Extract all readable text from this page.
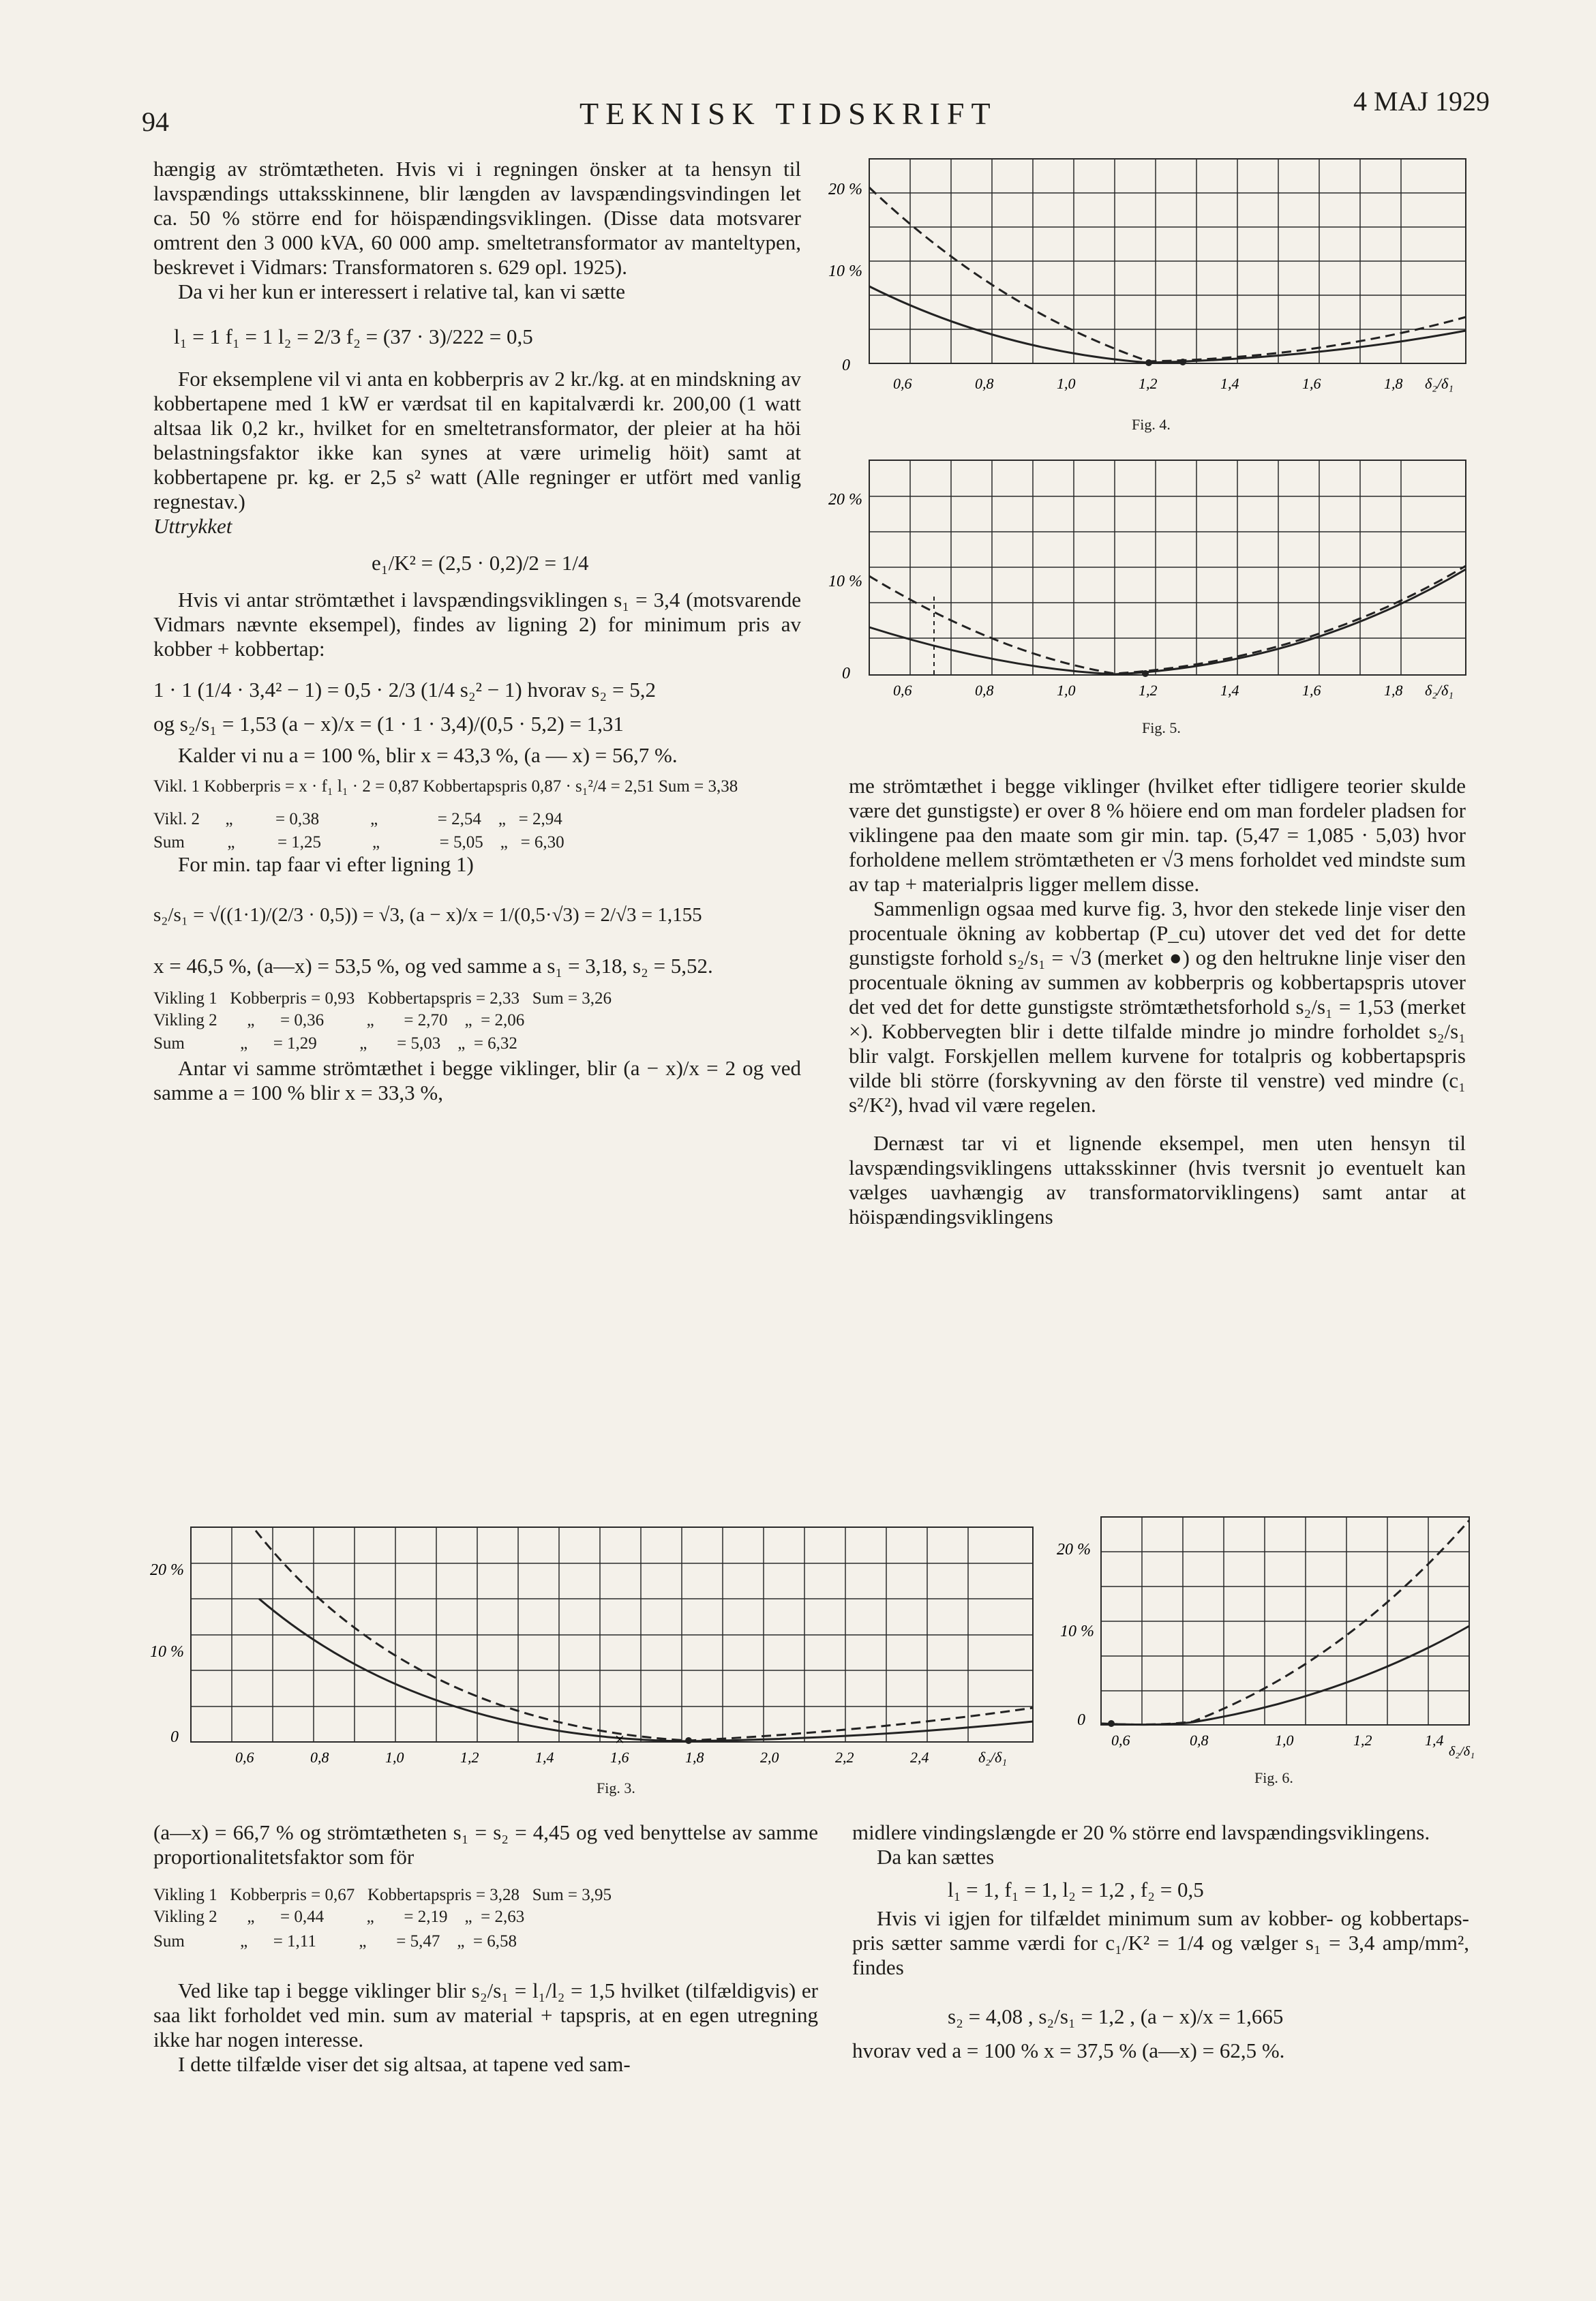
94	TEKNISK TIDSKRIFT	4 MAJ 1929

hængig av strömtætheten. Hvis vi i regningen önsker at ta hensyn til lavspændings uttaksskinnene, blir længden av lavspændingsvindingen let ca. 50 % större end for höispændingsviklingen. (Disse data motsvarer omtrent den 3 000 kVA, 60 000 amp. smeltetransformator av manteltypen, beskrevet i Vidmars: Transformatoren s. 629 opl. 1925).

Da vi her kun er interessert i relative tal, kan vi sætte

l₁ = 1 f₁ = 1 l₂ = 2/3 f₂ = (37 · 3)/222 = 0,5

For eksemplene vil vi anta en kobberpris av 2 kr./kg. at en mindskning av kobbertapene med 1 kW er værdsat til en kapitalværdi kr. 200,00 (1 watt altsaa lik 0,2 kr., hvilket for en smeltetransformator, der pleier at ha höi belastningsfaktor ikke kan synes at være urimelig höit) samt at kobbertapene pr. kg. er 2,5 s² watt (Alle regninger er utfört med vanlig regnestav.)

Uttrykket
e₁/K² = (2,5 · 0,2)/2 = 1/4

Hvis vi antar strömtæthet i lavspændingsviklingen s₁ = 3,4 (motsvarende Vidmars nævnte eksempel), findes av ligning 2) for minimum pris av kobber + kobbertap:

1 · 1 (1/4 · 3,4² − 1) = 0,5 · 2/3 (1/4 s₂² − 1) hvorav s₂ = 5,2
og s₂/s₁ = 1,53 (a − x)/x = (1 · 1 · 3,4)/(0,5 · 5,2) = 1,31

Kalder vi nu a = 100 %, blir x = 43,3 %, (a — x) = 56,7 %.

Vikl. 1 Kobberpris = x · f₁ l₁ · 2 = 0,87 Kobbertapspris 0,87 · s₁²/4 = 2,51 Sum = 3,38
Vikl. 2      „          = 0,38            „              = 2,54    „   = 2,94
Sum          „          = 1,25            „              = 5,05    „   = 6,30

For min. tap faar vi efter ligning 1)

s₂/s₁ = √((1·1)/(2/3 · 0,5)) = √3, (a − x)/x = 1/(0,5·√3) = 2/√3 = 1,155

x = 46,5 %, (a—x) = 53,5 %, og ved samme a s₁ = 3,18, s₂ = 5,52.

Vikling 1   Kobberpris = 0,93   Kobbertapspris = 2,33   Sum = 3,26
Vikling 2       „      = 0,36          „       = 2,70    „  = 2,06
Sum             „      = 1,29          „       = 5,03    „  = 6,32

Antar vi samme strömtæthet i begge viklinger, blir (a − x)/x = 2 og ved samme a = 100 % blir x = 33,3 %,

20 %
10 %
0
0,6	0,8	1,0	1,2	1,4	1,6	1,8 δ₂/δ₁
Fig. 4.
20 %
10 %
0
0,6	0,8	1,0	1,2	1,4	1,6	1,8 δ₂/δ₁
Fig. 5.

me strömtæthet i begge viklinger (hvilket efter tidligere teorier skulde være det gunstigste) er over 8 % höiere end om man fordeler pladsen for viklingene paa den maate som gir min. tap. (5,47 = 1,085 · 5,03) hvor forholdene mellem strömtætheten er √3 mens forholdet ved mindste sum av tap + materialpris ligger mellem disse.

Sammenlign ogsaa med kurve fig. 3, hvor den stekede linje viser den procentuale ökning av kobbertap (P_cu) utover det ved det for dette gunstigste forhold s₂/s₁ = √3 (merket ●) og den heltrukne linje viser den procentuale ökning av summen av kobberpris og kobbertapspris utover det ved det for dette gunstigste strömtæthetsforhold s₂/s₁ = 1,53 (merket ×). Kobbervegten blir i dette tilfalde mindre jo mindre forholdet s₂/s₁ blir valgt. Forskjellen mellem kurvene for totalpris og kobbertapspris vilde bli större (forskyvning av den förste til venstre) ved mindre (c₁ s²/K²), hvad vil være regelen.

Dernæst tar vi et lignende eksempel, men uten hensyn til lavspændingsviklingens uttaksskinner (hvis tversnit jo eventuelt kan vælges uavhængig av transformatorviklingens) samt antar at höispændingsviklingens

×
20 %
10 %
0
0,6	0,8	1,0	1,2	1,4	1,6	1,8	2,0	2,2	2,4	δ₂/δ₁
Fig. 3.
20 %
10 %
0
0,6	0,8	1,0	1,2	1,4
δ₂/δ₁
Fig. 6.

(a—x) = 66,7 % og strömtætheten s₁ = s₂ = 4,45 og ved benyttelse av samme proportionalitetsfaktor som för

Vikling 1   Kobberpris = 0,67   Kobbertapspris = 3,28   Sum = 3,95
Vikling 2       „      = 0,44          „       = 2,19    „  = 2,63
Sum             „      = 1,11          „       = 5,47    „  = 6,58

Ved like tap i begge viklinger blir s₂/s₁ = l₁/l₂ = 1,5 hvilket (tilfældigvis) er saa likt forholdet ved min. sum av material + tapspris, at en egen utregning ikke har nogen interesse.

I dette tilfælde viser det sig altsaa, at tapene ved sam-

midlere vindingslængde er 20 % större end lavspændingsviklingens.

Da kan sættes

l₁ = 1, f₁ = 1, l₂ = 1,2 , f₂ = 0,5

Hvis vi igjen for tilfældet minimum sum av kobber- og kobbertaps-pris sætter samme værdi for c₁/K² = 1/4 og vælger s₁ = 3,4 amp/mm², findes

s₂ = 4,08 , s₂/s₁ = 1,2 , (a − x)/x = 1,665

hvorav ved a = 100 % x = 37,5 % (a—x) = 62,5 %.
